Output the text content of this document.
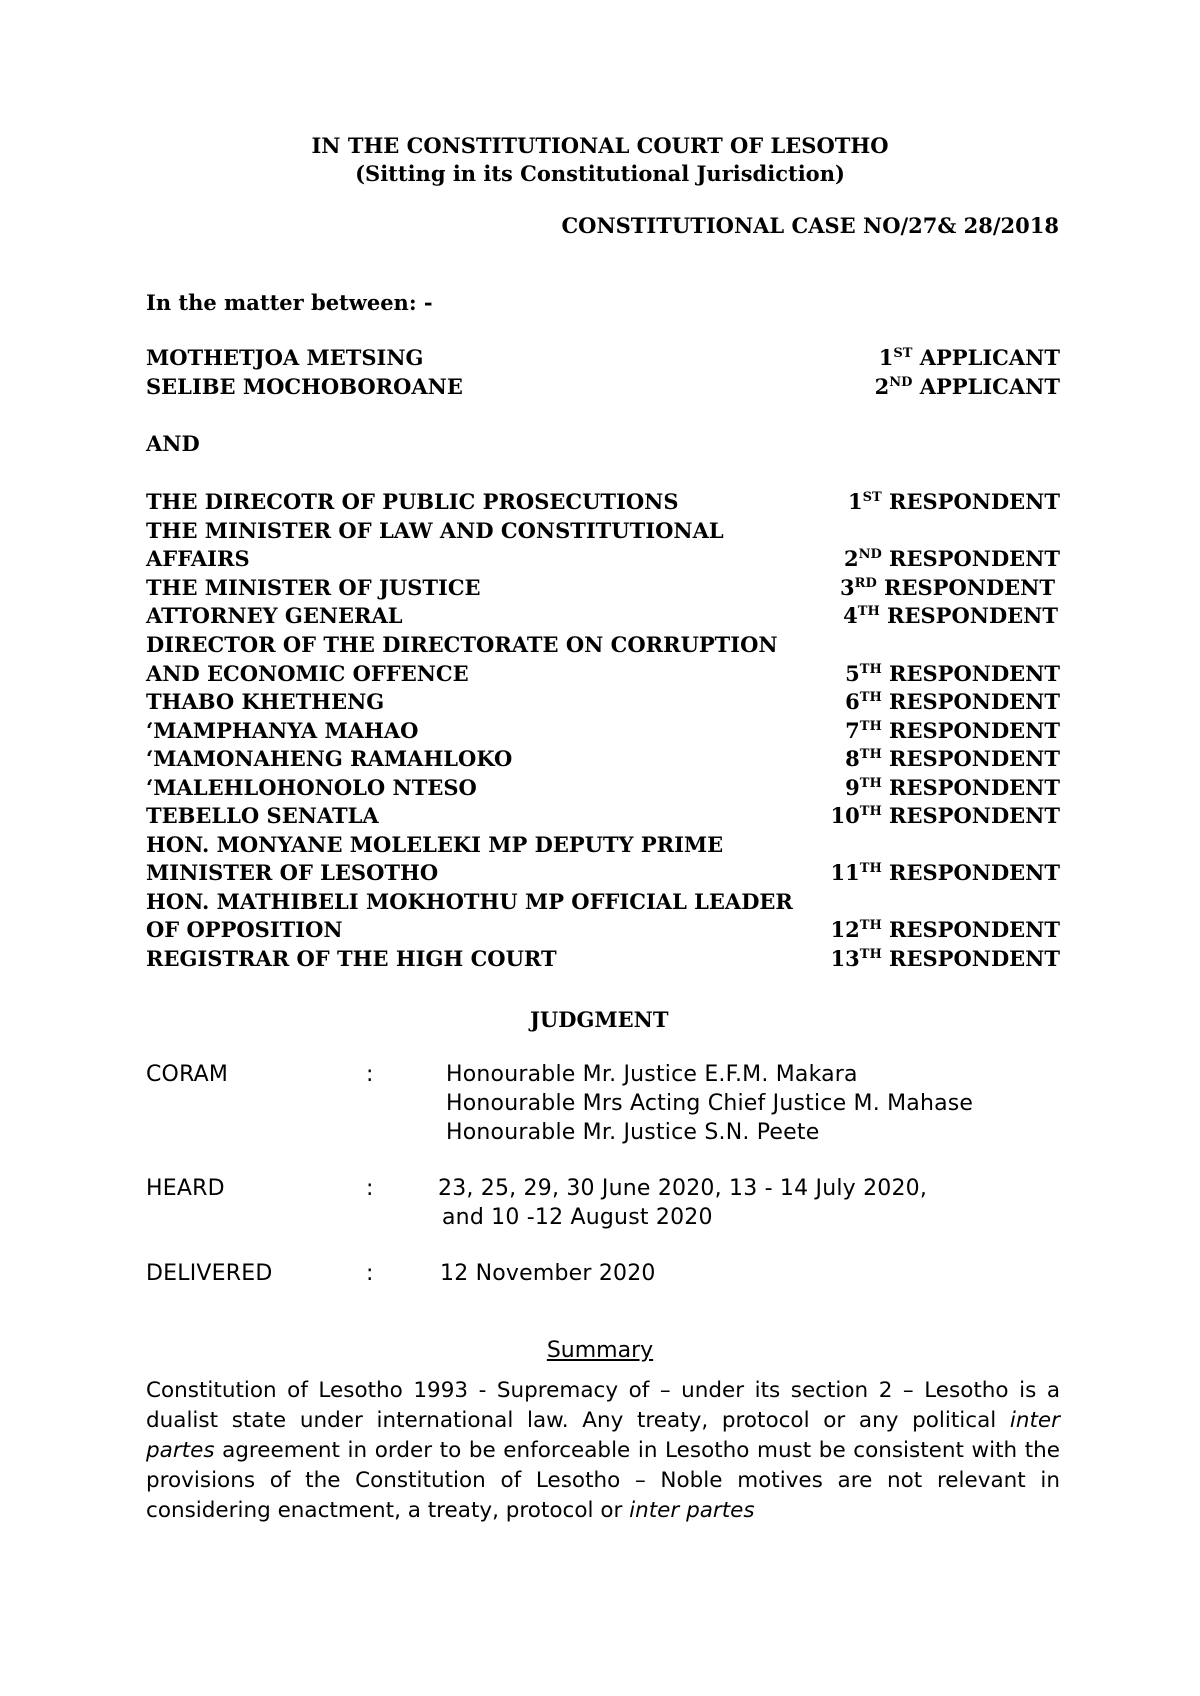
IN THE CONSTITUTIONAL COURT OF LESOTHO
(Sitting in its Constitutional Jurisdiction)
CONSTITUTIONAL CASE NO/27& 28/2018
In the matter between: -
MOTHETJOA METSING	1ST APPLICANT
SELIBE MOCHOBOROANE	2ND APPLICANT
AND
THE DIRECOTR OF PUBLIC PROSECUTIONS	1ST RESPONDENT
THE MINISTER OF LAW AND CONSTITUTIONAL
AFFAIRS	2ND RESPONDENT
THE MINISTER OF JUSTICE	3RD RESPONDENT
ATTORNEY GENERAL	4TH RESPONDENT
DIRECTOR OF THE DIRECTORATE ON CORRUPTION
AND ECONOMIC OFFENCE	5TH RESPONDENT
THABO KHETHENG	6TH RESPONDENT
‘MAMPHANYA MAHAO	7TH RESPONDENT
‘MAMONAHENG RAMAHLOKO	8TH RESPONDENT
‘MALEHLOHONOLO NTESO	9TH RESPONDENT
TEBELLO SENATLA	10TH RESPONDENT
HON. MONYANE MOLELEKI MP DEPUTY PRIME
MINISTER OF LESOTHO	11TH RESPONDENT
HON. MATHIBELI MOKHOTHU MP OFFICIAL LEADER
OF OPPOSITION	12TH RESPONDENT
REGISTRAR OF THE HIGH COURT	13TH RESPONDENT
JUDGMENT
CORAM	:	Honourable Mr. Justice E.F.M. Makara
Honourable Mrs Acting Chief Justice M. Mahase
Honourable Mr. Justice S.N. Peete
HEARD	:	23, 25, 29, 30 June 2020, 13 - 14 July 2020,
and 10 -12 August 2020
DELIVERED	:	12 November 2020
Summary

Constitution of Lesotho 1993 - Supremacy of – under its section 2 – Lesotho is a dualist state under international law. Any treaty, protocol or any political inter partes agreement in order to be enforceable in Lesotho must be consistent with the provisions of the Constitution of Lesotho – Noble motives are not relevant in considering enactment, a treaty, protocol or inter partes
